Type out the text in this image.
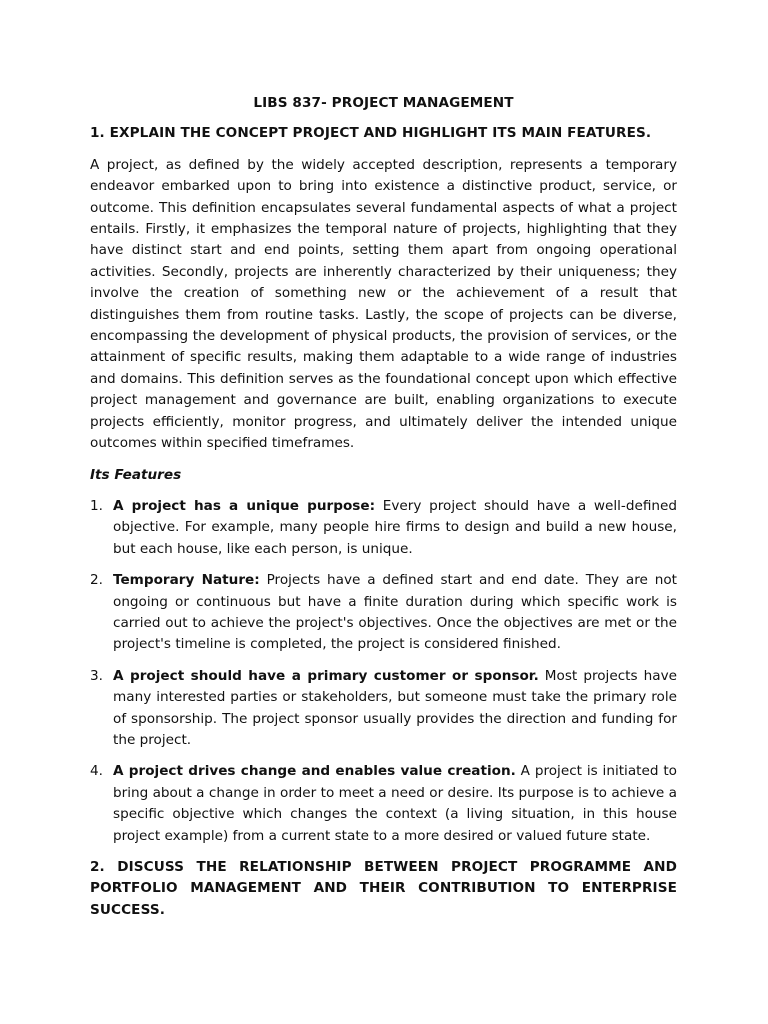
LIBS 837- PROJECT MANAGEMENT
1. EXPLAIN THE CONCEPT PROJECT AND HIGHLIGHT ITS MAIN FEATURES.

A project, as defined by the widely accepted description, represents a temporary endeavor embarked upon to bring into existence a distinctive product, service, or outcome. This definition encapsulates several fundamental aspects of what a project entails. Firstly, it emphasizes the temporal nature of projects, highlighting that they have distinct start and end points, setting them apart from ongoing operational activities. Secondly, projects are inherently characterized by their uniqueness; they involve the creation of something new or the achievement of a result that distinguishes them from routine tasks. Lastly, the scope of projects can be diverse, encompassing the development of physical products, the provision of services, or the attainment of specific results, making them adaptable to a wide range of industries and domains. This definition serves as the foundational concept upon which effective project management and governance are built, enabling organizations to execute projects efficiently, monitor progress, and ultimately deliver the intended unique outcomes within specified timeframes.

Its Features
1. A project has a unique purpose: Every project should have a well-defined objective. For example, many people hire firms to design and build a new house, but each house, like each person, is unique.
2. Temporary Nature: Projects have a defined start and end date. They are not ongoing or continuous but have a finite duration during which specific work is carried out to achieve the project's objectives. Once the objectives are met or the project's timeline is completed, the project is considered finished.
3. A project should have a primary customer or sponsor. Most projects have many interested parties or stakeholders, but someone must take the primary role of sponsorship. The project sponsor usually provides the direction and funding for the project.
4. A project drives change and enables value creation. A project is initiated to bring about a change in order to meet a need or desire. Its purpose is to achieve a specific objective which changes the context (a living situation, in this house project example) from a current state to a more desired or valued future state.
2. DISCUSS THE RELATIONSHIP BETWEEN PROJECT PROGRAMME AND PORTFOLIO MANAGEMENT AND THEIR CONTRIBUTION TO ENTERPRISE SUCCESS.
